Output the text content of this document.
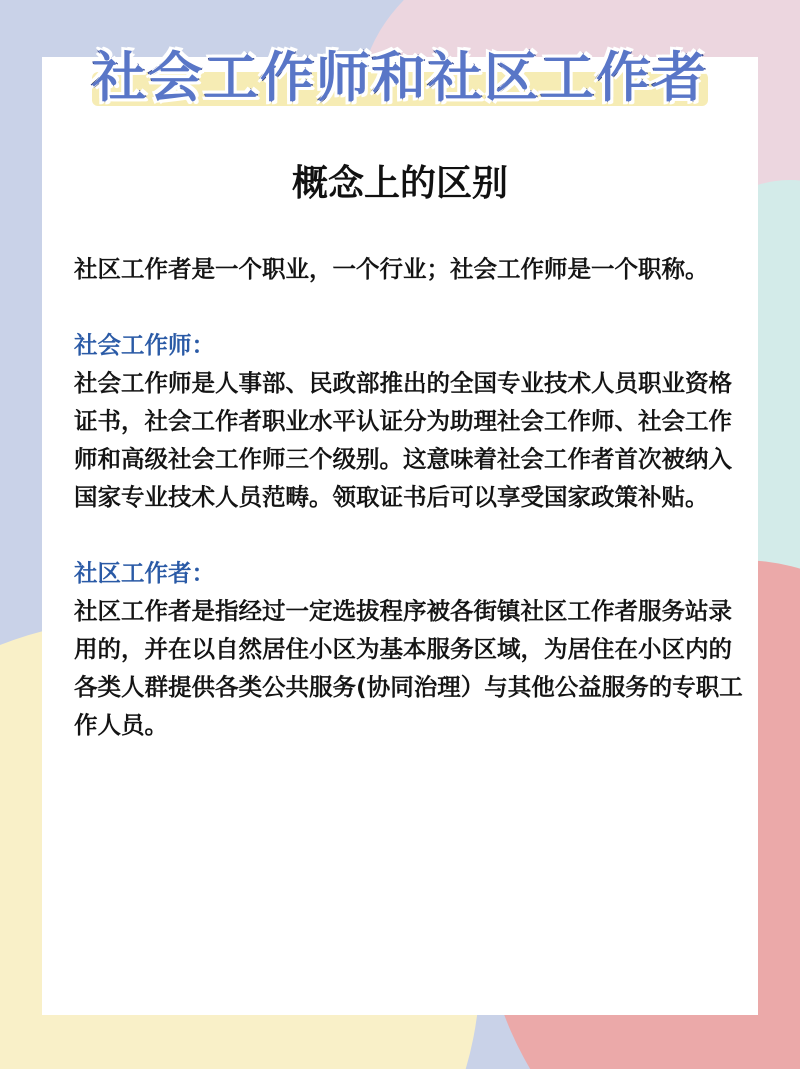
社会工作师和社区工作者
概念上的区别

社区工作者是一个职业，一个行业；社会工作师是一个职称。

社会工作师：

社会工作师是人事部、民政部推出的全国专业技术人员职业资格证书，社会工作者职业水平认证分为助理社会工作师、社会工作师和高级社会工作师三个级别。这意味着社会工作者首次被纳入国家专业技术人员范畴。领取证书后可以享受国家政策补贴。

社区工作者：

社区工作者是指经过一定选拔程序被各街镇社区工作者服务站录用的，并在以自然居住小区为基本服务区域，为居住在小区内的各类人群提供各类公共服务(协同治理）与其他公益服务的专职工作人员。
